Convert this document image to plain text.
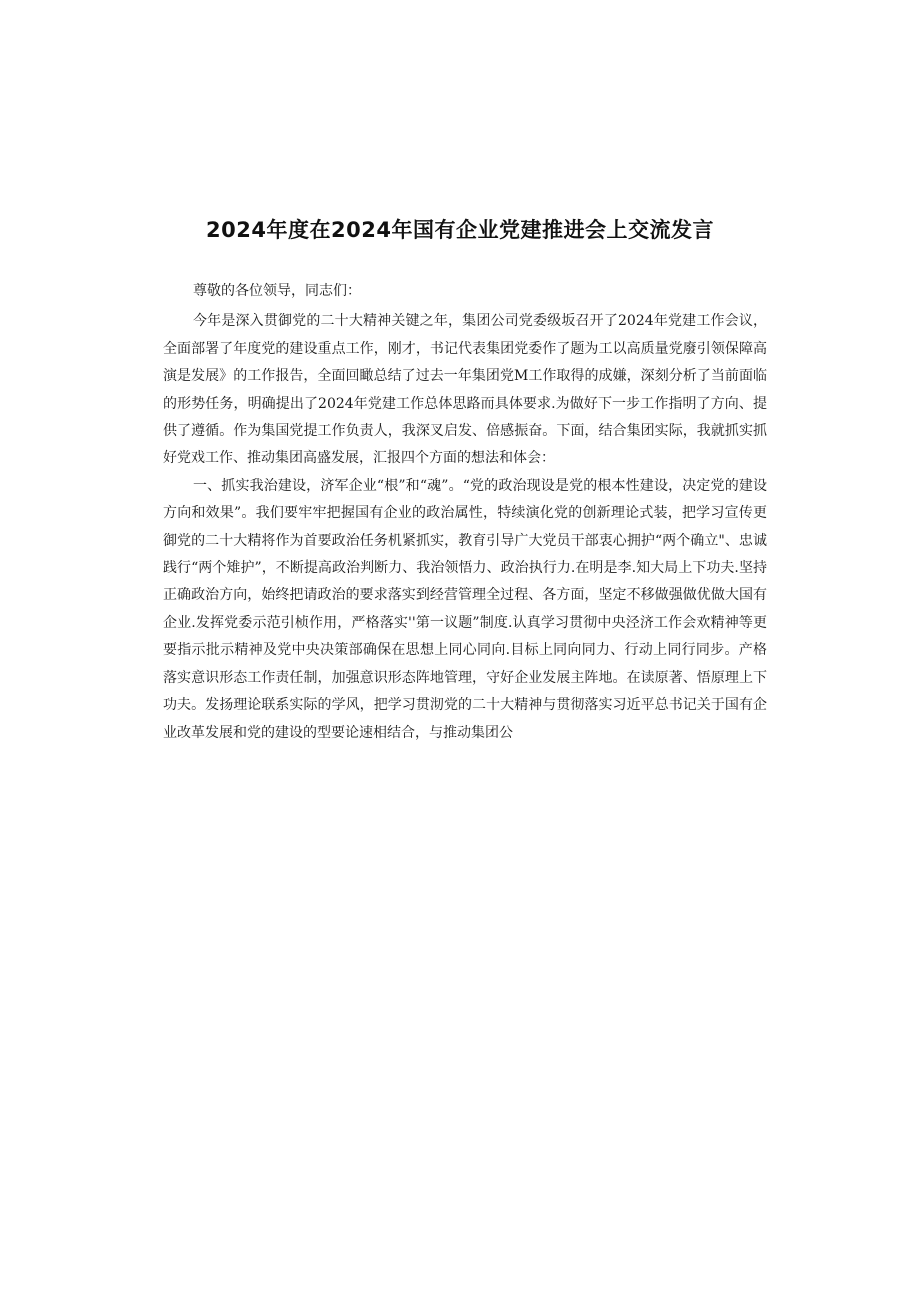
2024年度在2024年国有企业党建推进会上交流发言

尊敬的各位领导，同志们：

今年是深入贯御党的二十大精神关键之年，集团公司党委级坂召开了2024年党建工作会议，全面部署了年度党的建设重点工作，刚才，书记代表集团党委作了题为工以高质量党廢引领保障高演是发展》的工作报告，全面回瞰总结了过去一年集团党M工作取得的成嫌，深刻分析了当前面临的形势任务，明确提出了2024年党建工作总体思路而具体要求.为做好下一步工作指明了方向、提供了遵循。作为集国党提工作负责人，我深叉启发、倍感振奋。下面，结合集团实际，我就抓实抓好党戏工作、推动集团高盛发展，汇报四个方面的想法和体会：

一、抓实我治建设，济军企业“根”和“魂”。“党的政治现设是党的根本性建设，决定党的建设方向和效果”。我们要牢牢把握国有企业的政治属性，特续演化党的创新理论式装，把学习宣传更御党的二十大精将作为首要政治任务机紧抓实，教育引导广大党员干部衷心拥护“两个确立"、忠诚践行“两个雉护”，不断提高政治判断力、我治领悟力、政治执行力.在明是李.知大局上下功夫.坚持正确政治方向，始终把请政治的要求落实到经营管理全过程、各方面，坚定不移做强做优做大国有企业.发挥党委示范引桢作用，严格落实''第一议题”制度.认真学习贯彻中央泾济工作会欢精神等更要指示批示精神及党中央决策部确保在思想上同心同向.目标上同向同力、行动上同行同步。产格落实意识形态工作责任制，加强意识形态阵地管理，守好企业发展主阵地。在读原著、悟原理上下功夫。发扬理论联系实际的学风，把学习贯沏党的二十大精神与贯彻落实习近平总书记关于国有企业改革发展和党的建设的型要论速相结合，与推动集团公
